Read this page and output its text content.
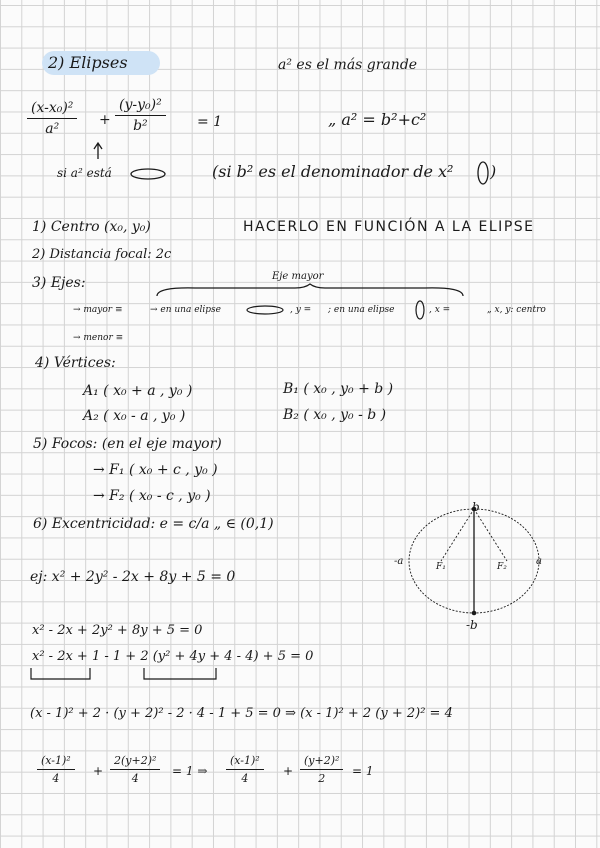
2) Elipses	a² es el más grande
$\frac{\text{(x-x₀)²}}{\text{a²}} + \frac{\text{(y-y₀)²}}{\text{b²}} = 1$	„ a² = b²+c²
si a² está	(si b² es el denominador de x² )
1) Centro (x₀, y₀)	HACERLO EN FUNCIÓN A LA ELIPSE
2) Distancia focal: 2c
3) Ejes:	Eje mayor
→ mayor ≡	→ en una elipse	, y = ; en una elipse	, x =	„ x, y: centro
→ menor ≡
4) Vértices:
A₁ ( x₀ + a , y₀ )
A₂ ( x₀ - a , y₀ )
B₁ ( x₀ , y₀ + b )
B₂ ( x₀ , y₀ - b )
5) Focos: (en el eje mayor)
→ F₁ ( x₀ + c , y₀ )
→ F₂ ( x₀ - c , y₀ )
6) Excentricidad: e = c/a „ ∈ (0,1)
b
-b
-a	a
F₁	F₂
ej: x² + 2y² - 2x + 8y + 5 = 0
x² - 2x + 2y² + 8y + 5 = 0
x² - 2x + 1 - 1 + 2 (y² + 4y + 4 - 4) + 5 = 0
(x - 1)² + 2 · (y + 2)² - 2 · 4 - 1 + 5 = 0 ⇒ (x - 1)² + 2 (y + 2)² = 4
$\frac{\text{(x-1)²}}{4} + \frac{\text{2(y+2)²}}{4} = 1$ ⇒ $\frac{\text{(x-1)²}}{4} + \frac{\text{(y+2)²}}{2} = 1$
